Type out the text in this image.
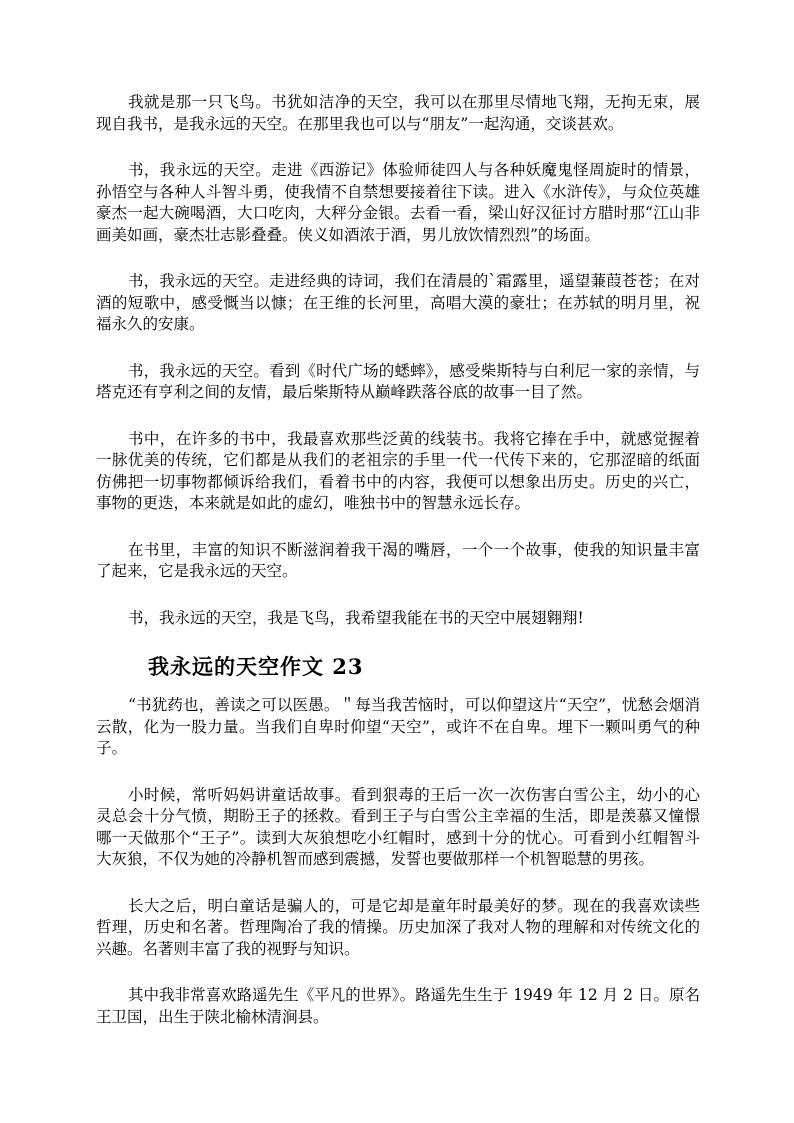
我就是那一只飞鸟。书犹如洁净的天空，我可以在那里尽情地飞翔，无拘无束，展现自我书，是我永远的天空。在那里我也可以与“朋友”一起沟通，交谈甚欢。

书，我永远的天空。走进《西游记》体验师徒四人与各种妖魔鬼怪周旋时的情景，孙悟空与各种人斗智斗勇，使我情不自禁想要接着往下读。进入《水浒传》，与众位英雄豪杰一起大碗喝酒，大口吃肉，大秤分金银。去看一看，梁山好汉征讨方腊时那“江山非画美如画，豪杰壮志影叠叠。侠义如酒浓于酒，男儿放饮情烈烈”的场面。

书，我永远的天空。走进经典的诗词，我们在清晨的`霜露里，遥望蒹葭苍苍；在对酒的短歌中，感受慨当以慷；在王维的长河里，高唱大漠的豪壮；在苏轼的明月里，祝福永久的安康。

书，我永远的天空。看到《时代广场的蟋蟀》，感受柴斯特与白利尼一家的亲情，与塔克还有亨利之间的友情，最后柴斯特从巅峰跌落谷底的故事一目了然。

书中，在许多的书中，我最喜欢那些泛黄的线装书。我将它捧在手中，就感觉握着一脉优美的传统，它们都是从我们的老祖宗的手里一代一代传下来的，它那涩暗的纸面仿佛把一切事物都倾诉给我们，看着书中的内容，我便可以想象出历史。历史的兴亡，事物的更迭，本来就是如此的虚幻，唯独书中的智慧永远长存。

在书里，丰富的知识不断滋润着我干渴的嘴唇，一个一个故事，使我的知识量丰富了起来，它是我永远的天空。

书，我永远的天空，我是飞鸟，我希望我能在书的天空中展翅翱翔!

我永远的天空作文 23

“书犹药也，善读之可以医愚。＂每当我苦恼时，可以仰望这片“天空”，忧愁会烟消云散，化为一股力量。当我们自卑时仰望“天空”，或许不在自卑。埋下一颗叫勇气的种子。

小时候，常听妈妈讲童话故事。看到狠毒的王后一次一次伤害白雪公主，幼小的心灵总会十分气愤，期盼王子的拯救。看到王子与白雪公主幸福的生活，即是羡慕又憧憬哪一天做那个“王子”。读到大灰狼想吃小红帽时，感到十分的忧心。可看到小红帽智斗大灰狼，不仅为她的冷静机智而感到震撼，发誓也要做那样一个机智聪慧的男孩。

长大之后，明白童话是骗人的，可是它却是童年时最美好的梦。现在的我喜欢读些哲理，历史和名著。哲理陶冶了我的情操。历史加深了我对人物的理解和对传统文化的兴趣。名著则丰富了我的视野与知识。

其中我非常喜欢路遥先生《平凡的世界》。路遥先生生于 1949 年 12 月 2 日。原名王卫国，出生于陕北榆林清涧县。
